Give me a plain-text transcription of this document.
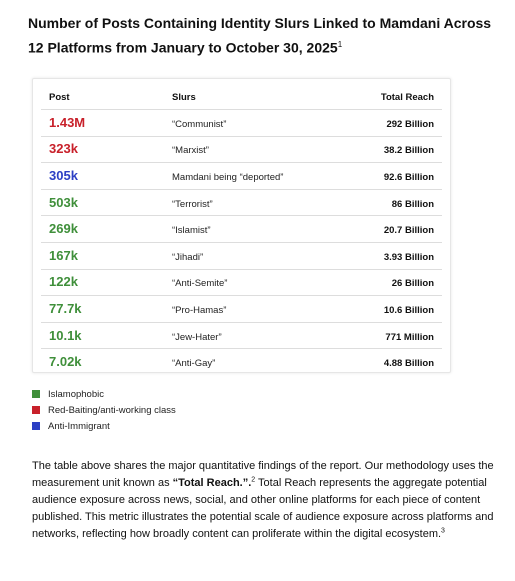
Number of Posts Containing Identity Slurs Linked to Mamdani Across 12 Platforms from January to October 30, 2025$^1$
Post	Slurs	Total Reach
1.43M	“Communist”	292 Billion
323k	“Marxist”	38.2 Billion
305k	Mamdani being “deported”	92.6 Billion
503k	“Terrorist”	86 Billion
269k	“Islamist”	20.7 Billion
167k	“Jihadi”	3.93 Billion
122k	“Anti-Semite”	26 Billion
77.7k	“Pro-Hamas”	10.6 Billion
10.1k	“Jew-Hater”	771 Million
7.02k	“Anti-Gay”	4.88 Billion
Islamophobic
Red-Baiting/anti-working class
Anti-Immigrant
The table above shares the major quantitative findings of the report. Our methodology uses the measurement unit known as “Total Reach.”.$^2$ Total Reach represents the aggregate potential audience exposure across news, social, and other online platforms for each piece of content published. This metric illustrates the potential scale of audience exposure across platforms and networks, reflecting how broadly content can proliferate within the digital ecosystem.$^3$
